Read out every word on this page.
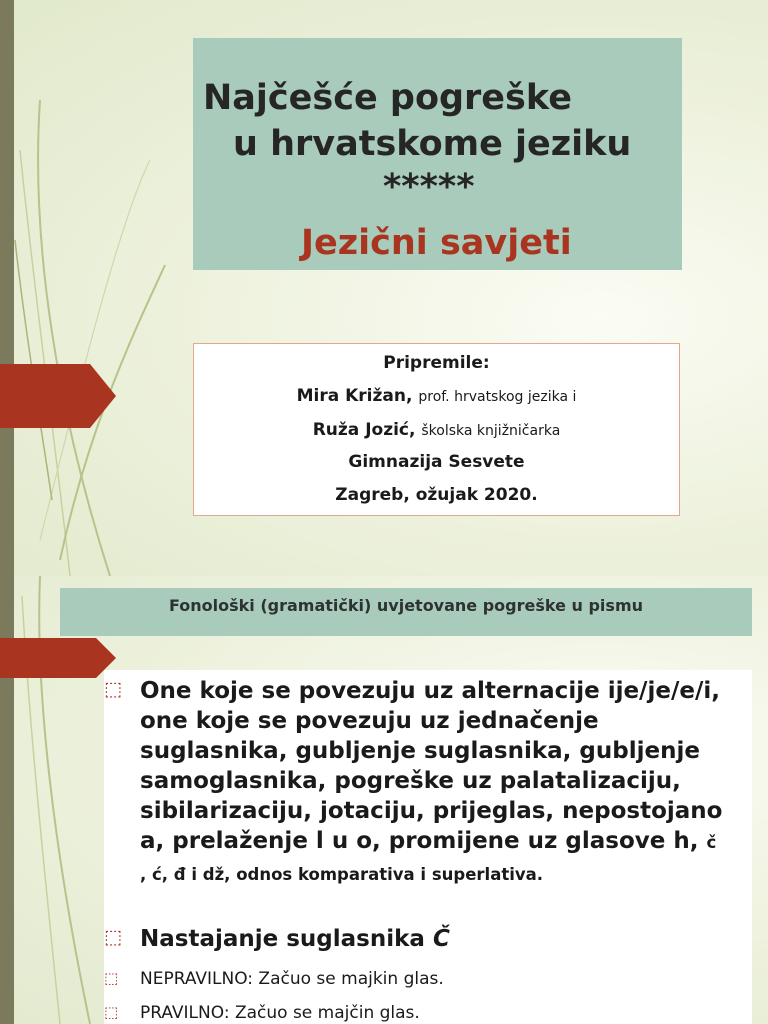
Najčešće pogreške
u hrvatskome jeziku
*****
Jezični savjeti
Pripremile:
Mira Križan, prof. hrvatskog jezika i
Ruža Jozić, školska knjižničarka
Gimnazija Sesvete
Zagreb, ožujak 2020.
Fonološki (gramatički) uvjetovane pogreške u pismu
⬚ One koje se povezuju uz alternacije ije/je/e/i, one koje se povezuju uz jednačenje suglasnika, gubljenje suglasnika, gubljenje samoglasnika, pogreške uz palatalizaciju, sibilarizaciju, jotaciju, prijeglas, nepostojano a, prelaženje l u o, promijene uz glasove h, č , ć, đ i dž, odnos komparativa i superlativa.
⬚ Nastajanje suglasnika Č
⬚ NEPRAVILNO: Začuo se majkin glas.
⬚ PRAVILNO: Začuo se majčin glas.
